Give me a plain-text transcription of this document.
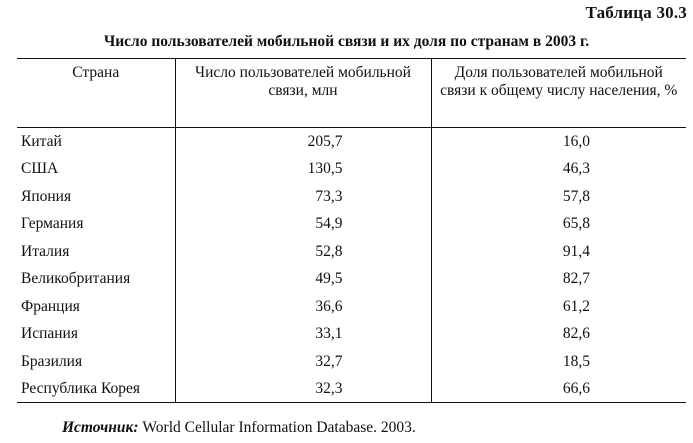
Таблица 30.3
Число пользователей мобильной связи и их доля по странам в 2003 г.
Страна	Число пользователей мобильной связи, млн	Доля пользователей мобильной связи к общему числу населения, %
Китай	205,7	16,0
США	130,5	46,3
Япония	73,3	57,8
Германия	54,9	65,8
Италия	52,8	91,4
Великобритания	49,5	82,7
Франция	36,6	61,2
Испания	33,1	82,6
Бразилия	32,7	18,5
Республика Корея	32,3	66,6
Источник: World Cellular Information Database. 2003.
